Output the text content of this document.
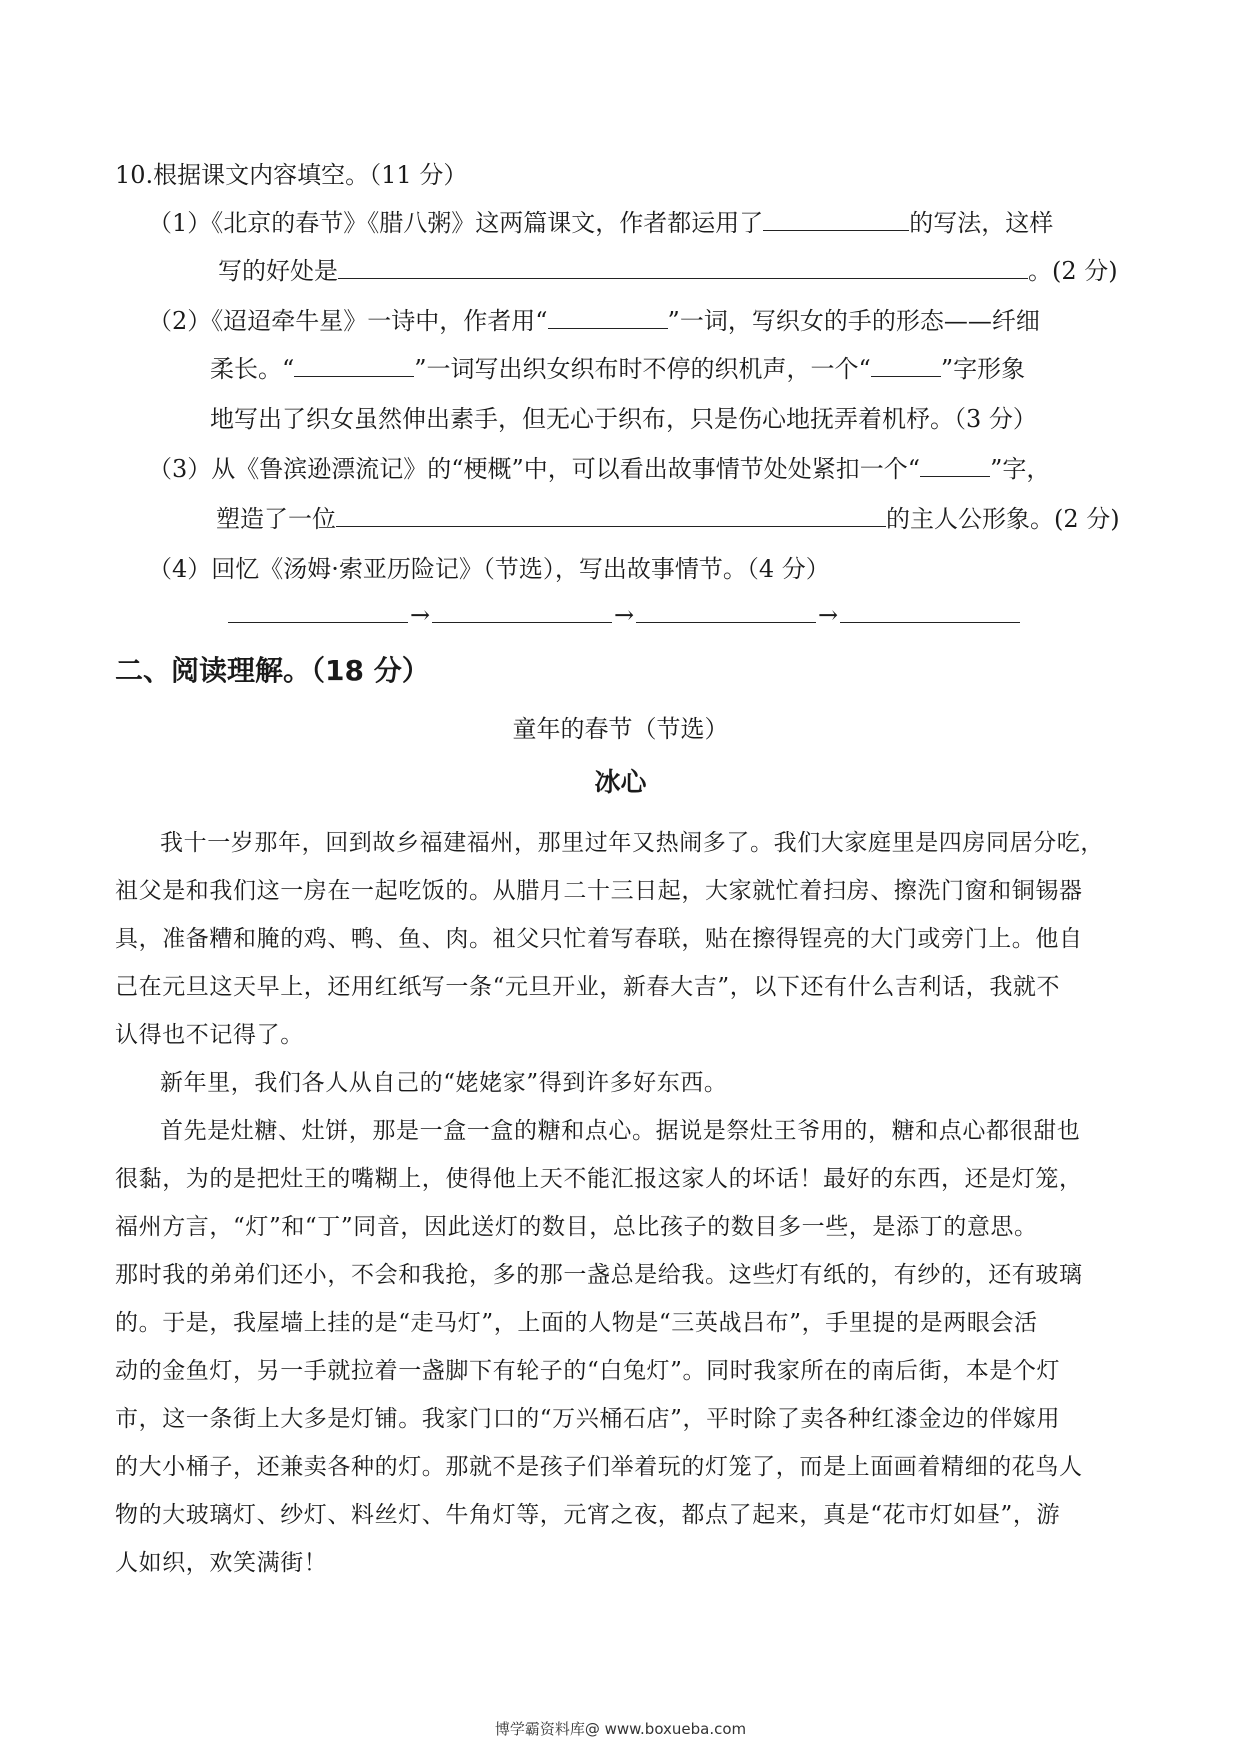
10.根据课文内容填空。（11 分）
（1）《北京的春节》《腊八粥》这两篇课文，作者都运用了	的写法，这样
写的好处是	。(2 分)
（2）《迢迢牵牛星》一诗中，作者用“	”一词，写织女的手的形态——纤细
柔长。“	”一词写出织女织布时不停的织机声，一个“	”字形象
地写出了织女虽然伸出素手，但无心于织布，只是伤心地抚弄着机杼。（3 分）
（3）从《鲁滨逊漂流记》的“梗概”中，可以看出故事情节处处紧扣一个“	”字，
塑造了一位	的主人公形象。(2 分)
（4）回忆《汤姆·索亚历险记》（节选），写出故事情节。（4 分）
→	→	→
二、阅读理解。（18 分）
童年的春节（节选）
冰心
我十一岁那年，回到故乡福建福州，那里过年又热闹多了。我们大家庭里是四房同居分吃，
祖父是和我们这一房在一起吃饭的。从腊月二十三日起，大家就忙着扫房、擦洗门窗和铜锡器
具，准备糟和腌的鸡、鸭、鱼、肉。祖父只忙着写春联，贴在擦得锃亮的大门或旁门上。他自
己在元旦这天早上，还用红纸写一条“元旦开业，新春大吉”，以下还有什么吉利话，我就不
认得也不记得了。
新年里，我们各人从自己的“姥姥家”得到许多好东西。
首先是灶糖、灶饼，那是一盒一盒的糖和点心。据说是祭灶王爷用的，糖和点心都很甜也
很黏，为的是把灶王的嘴糊上，使得他上天不能汇报这家人的坏话！最好的东西，还是灯笼，
福州方言，“灯”和“丁”同音，因此送灯的数目，总比孩子的数目多一些，是添丁的意思。
那时我的弟弟们还小，不会和我抢，多的那一盏总是给我。这些灯有纸的，有纱的，还有玻璃
的。于是，我屋墙上挂的是“走马灯”，上面的人物是“三英战吕布”，手里提的是两眼会活
动的金鱼灯，另一手就拉着一盏脚下有轮子的“白兔灯”。同时我家所在的南后街，本是个灯
市，这一条街上大多是灯铺。我家门口的“万兴桶石店”，平时除了卖各种红漆金边的伴嫁用
的大小桶子，还兼卖各种的灯。那就不是孩子们举着玩的灯笼了，而是上面画着精细的花鸟人
物的大玻璃灯、纱灯、料丝灯、牛角灯等，元宵之夜，都点了起来，真是“花市灯如昼”，游
人如织，欢笑满街！
博学霸资料库@ www.boxueba.com
